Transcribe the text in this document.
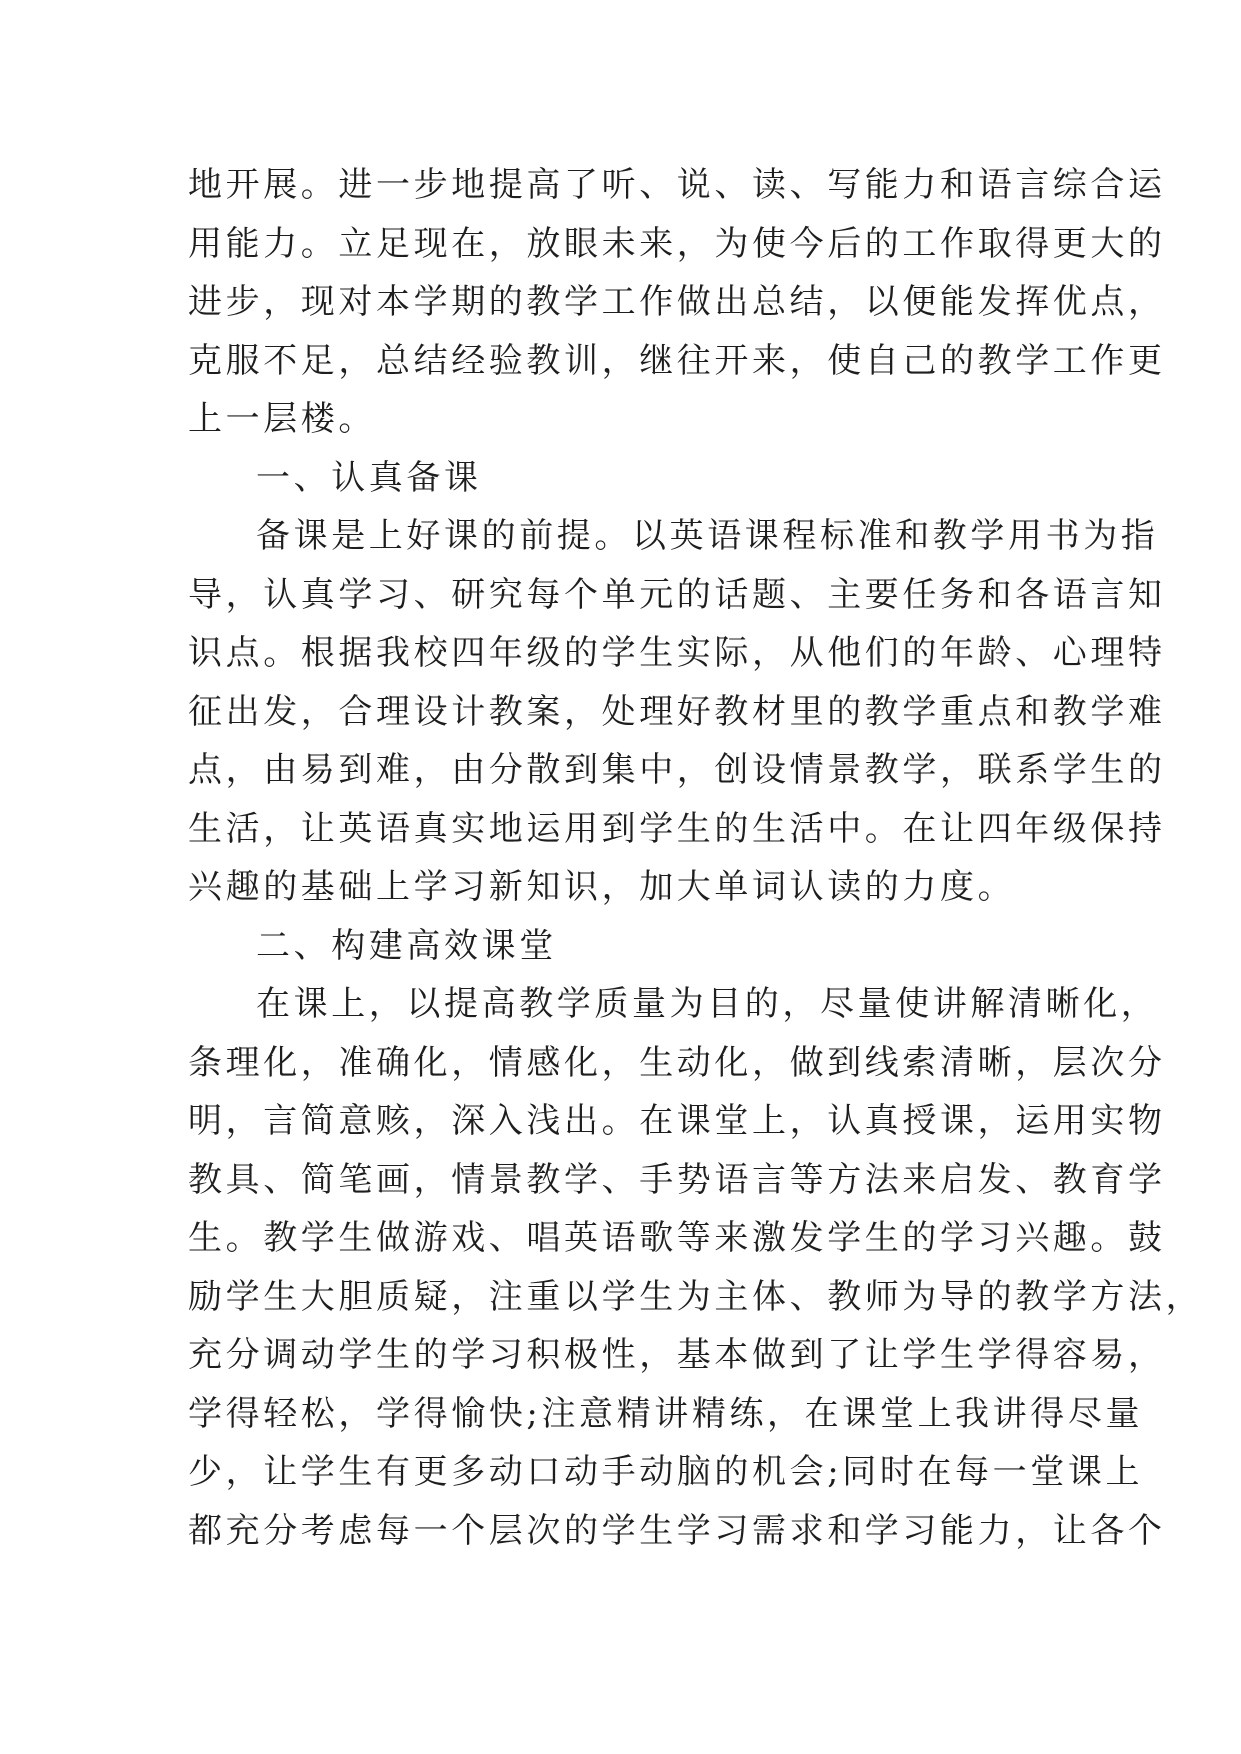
地开展。进一步地提高了听、说、读、写能力和语言综合运
用能力。立足现在，放眼未来，为使今后的工作取得更大的
进步，现对本学期的教学工作做出总结，以便能发挥优点，
克服不足，总结经验教训，继往开来，使自己的教学工作更
上一层楼。
一、认真备课
备课是上好课的前提。以英语课程标准和教学用书为指
导，认真学习、研究每个单元的话题、主要任务和各语言知
识点。根据我校四年级的学生实际，从他们的年龄、心理特
征出发，合理设计教案，处理好教材里的教学重点和教学难
点，由易到难，由分散到集中，创设情景教学，联系学生的
生活，让英语真实地运用到学生的生活中。在让四年级保持
兴趣的基础上学习新知识，加大单词认读的力度。
二、构建高效课堂
在课上，以提高教学质量为目的，尽量使讲解清晰化，
条理化，准确化，情感化，生动化，做到线索清晰，层次分
明，言简意赅，深入浅出。在课堂上，认真授课，运用实物
教具、简笔画，情景教学、手势语言等方法来启发、教育学
生。教学生做游戏、唱英语歌等来激发学生的学习兴趣。鼓
励学生大胆质疑，注重以学生为主体、教师为导的教学方法，
充分调动学生的学习积极性，基本做到了让学生学得容易，
学得轻松，学得愉快;注意精讲精练，在课堂上我讲得尽量
少，让学生有更多动口动手动脑的机会;同时在每一堂课上
都充分考虑每一个层次的学生学习需求和学习能力，让各个
